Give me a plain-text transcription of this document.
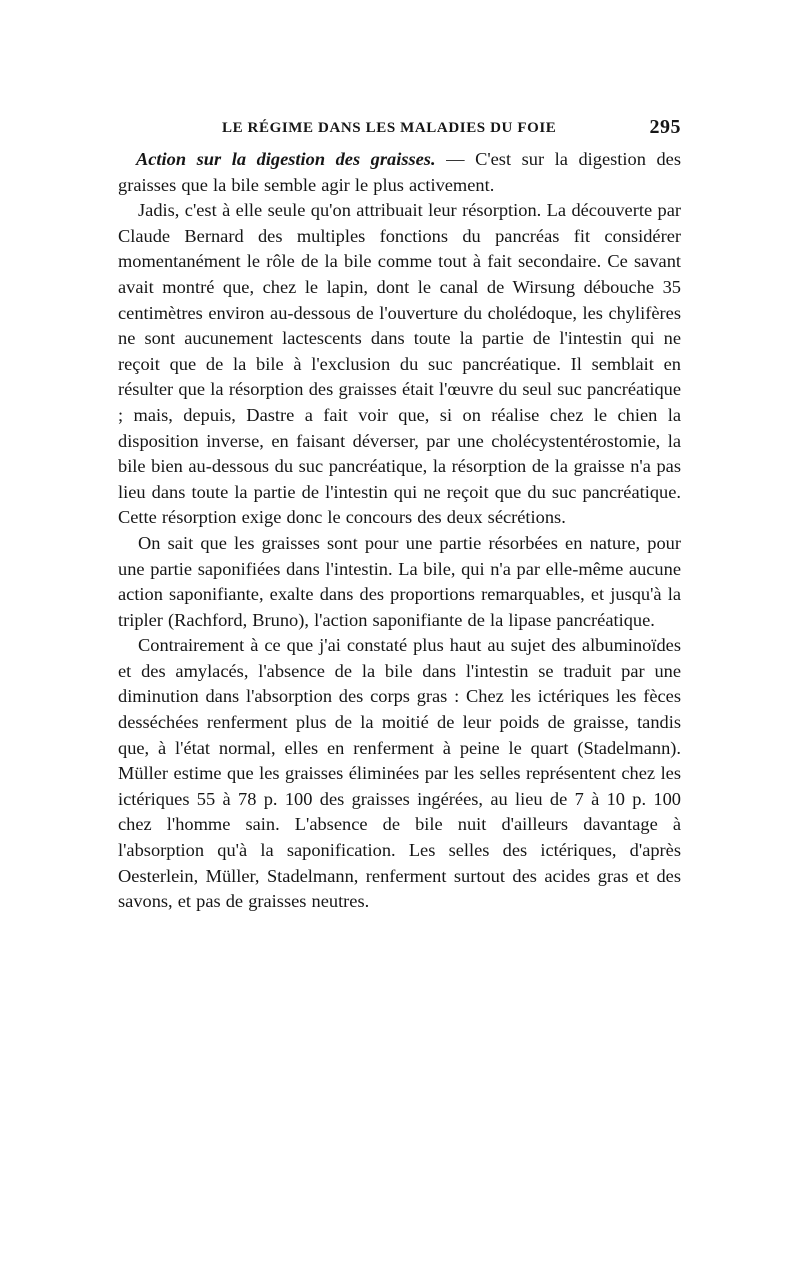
LE RÉGIME DANS LES MALADIES DU FOIE	295

Action sur la digestion des graisses. — C'est sur la digestion des graisses que la bile semble agir le plus activement.

Jadis, c'est à elle seule qu'on attribuait leur résorption. La découverte par Claude Bernard des multiples fonctions du pancréas fit considérer momentanément le rôle de la bile comme tout à fait secondaire. Ce savant avait montré que, chez le lapin, dont le canal de Wirsung débouche 35 centimètres environ au-dessous de l'ouverture du cholédoque, les chylifères ne sont aucunement lactescents dans toute la partie de l'intestin qui ne reçoit que de la bile à l'exclusion du suc pancréatique. Il semblait en résulter que la résorption des graisses était l'œuvre du seul suc pancréatique ; mais, depuis, Dastre a fait voir que, si on réalise chez le chien la disposition inverse, en faisant déverser, par une cholécystentérostomie, la bile bien au-dessous du suc pancréatique, la résorption de la graisse n'a pas lieu dans toute la partie de l'intestin qui ne reçoit que du suc pancréatique. Cette résorption exige donc le concours des deux sécrétions.

On sait que les graisses sont pour une partie résorbées en nature, pour une partie saponifiées dans l'intestin. La bile, qui n'a par elle-même aucune action saponifiante, exalte dans des proportions remarquables, et jusqu'à la tripler (Rachford, Bruno), l'action saponifiante de la lipase pancréatique.

Contrairement à ce que j'ai constaté plus haut au sujet des albuminoïdes et des amylacés, l'absence de la bile dans l'intestin se traduit par une diminution dans l'absorption des corps gras : Chez les ictériques les fèces desséchées renferment plus de la moitié de leur poids de graisse, tandis que, à l'état normal, elles en renferment à peine le quart (Stadelmann). Müller estime que les graisses éliminées par les selles représentent chez les ictériques 55 à 78 p. 100 des graisses ingérées, au lieu de 7 à 10 p. 100 chez l'homme sain. L'absence de bile nuit d'ailleurs davantage à l'absorption qu'à la saponification. Les selles des ictériques, d'après Oesterlein, Müller, Stadelmann, renferment surtout des acides gras et des savons, et pas de graisses neutres.
